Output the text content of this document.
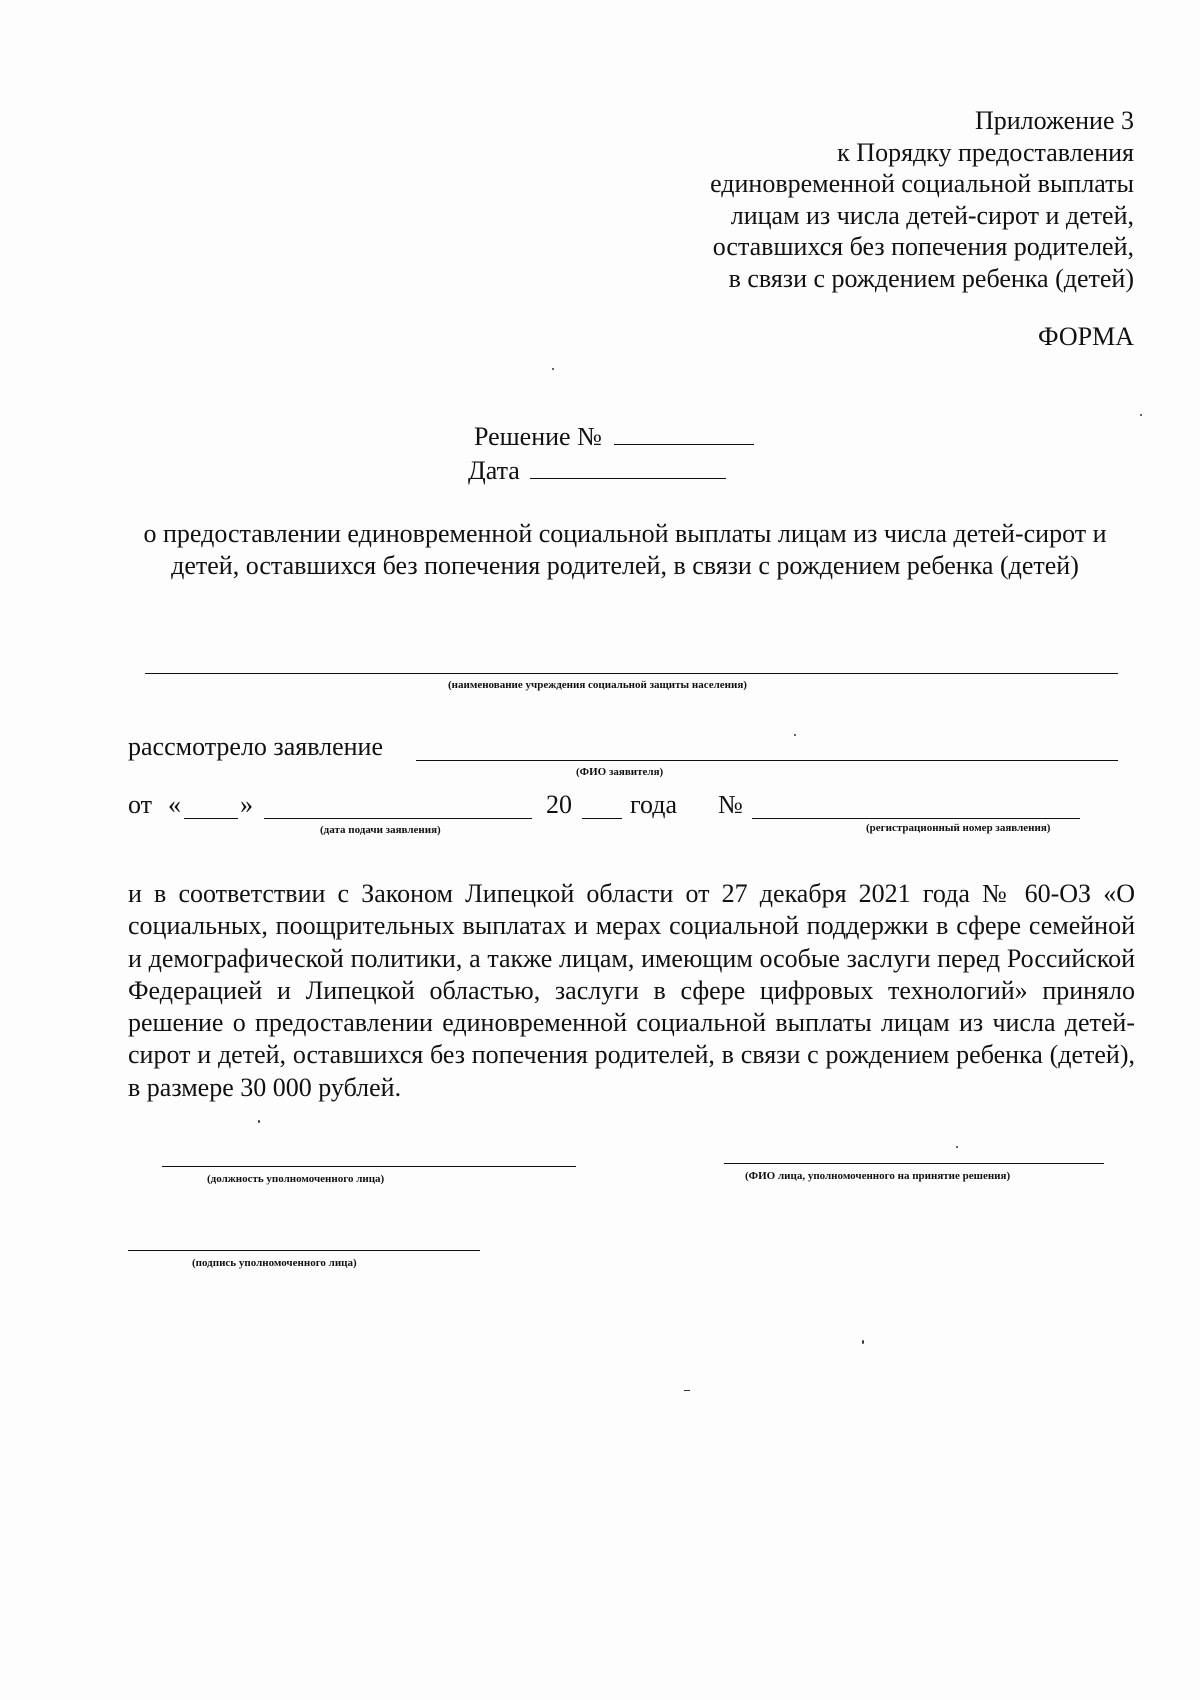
Приложение 3
к Порядку предоставления
единовременной социальной выплаты
лицам из числа детей-сирот и детей,
оставшихся без попечения родителей,
в связи с рождением ребенка (детей)
ФОРМА
Решение №
Дата
о предоставлении единовременной социальной выплаты лицам из числа детей-сирот и детей, оставшихся без попечения родителей, в связи с рождением ребенка (детей)
(наименование учреждения социальной защиты населения)
рассмотрело заявление
(ФИО заявителя)
от « »	20 года №
(дата подачи заявления)	(регистрационный номер заявления)
и в соответствии с Законом Липецкой области от 27 декабря 2021 года № 60-ОЗ «О социальных, поощрительных выплатах и мерах социальной поддержки в сфере семейной и демографической политики, а также лицам, имеющим особые заслуги перед Российской Федерацией и Липецкой областью, заслуги в сфере цифровых технологий» приняло решение о предоставлении единовременной социальной выплаты лицам из числа детей-сирот и детей, оставшихся без попечения родителей, в связи с рождением ребенка (детей), в размере 30 000 рублей.
(должность уполномоченного лица)	(ФИО лица, уполномоченного на принятие решения)
(подпись уполномоченного лица)
